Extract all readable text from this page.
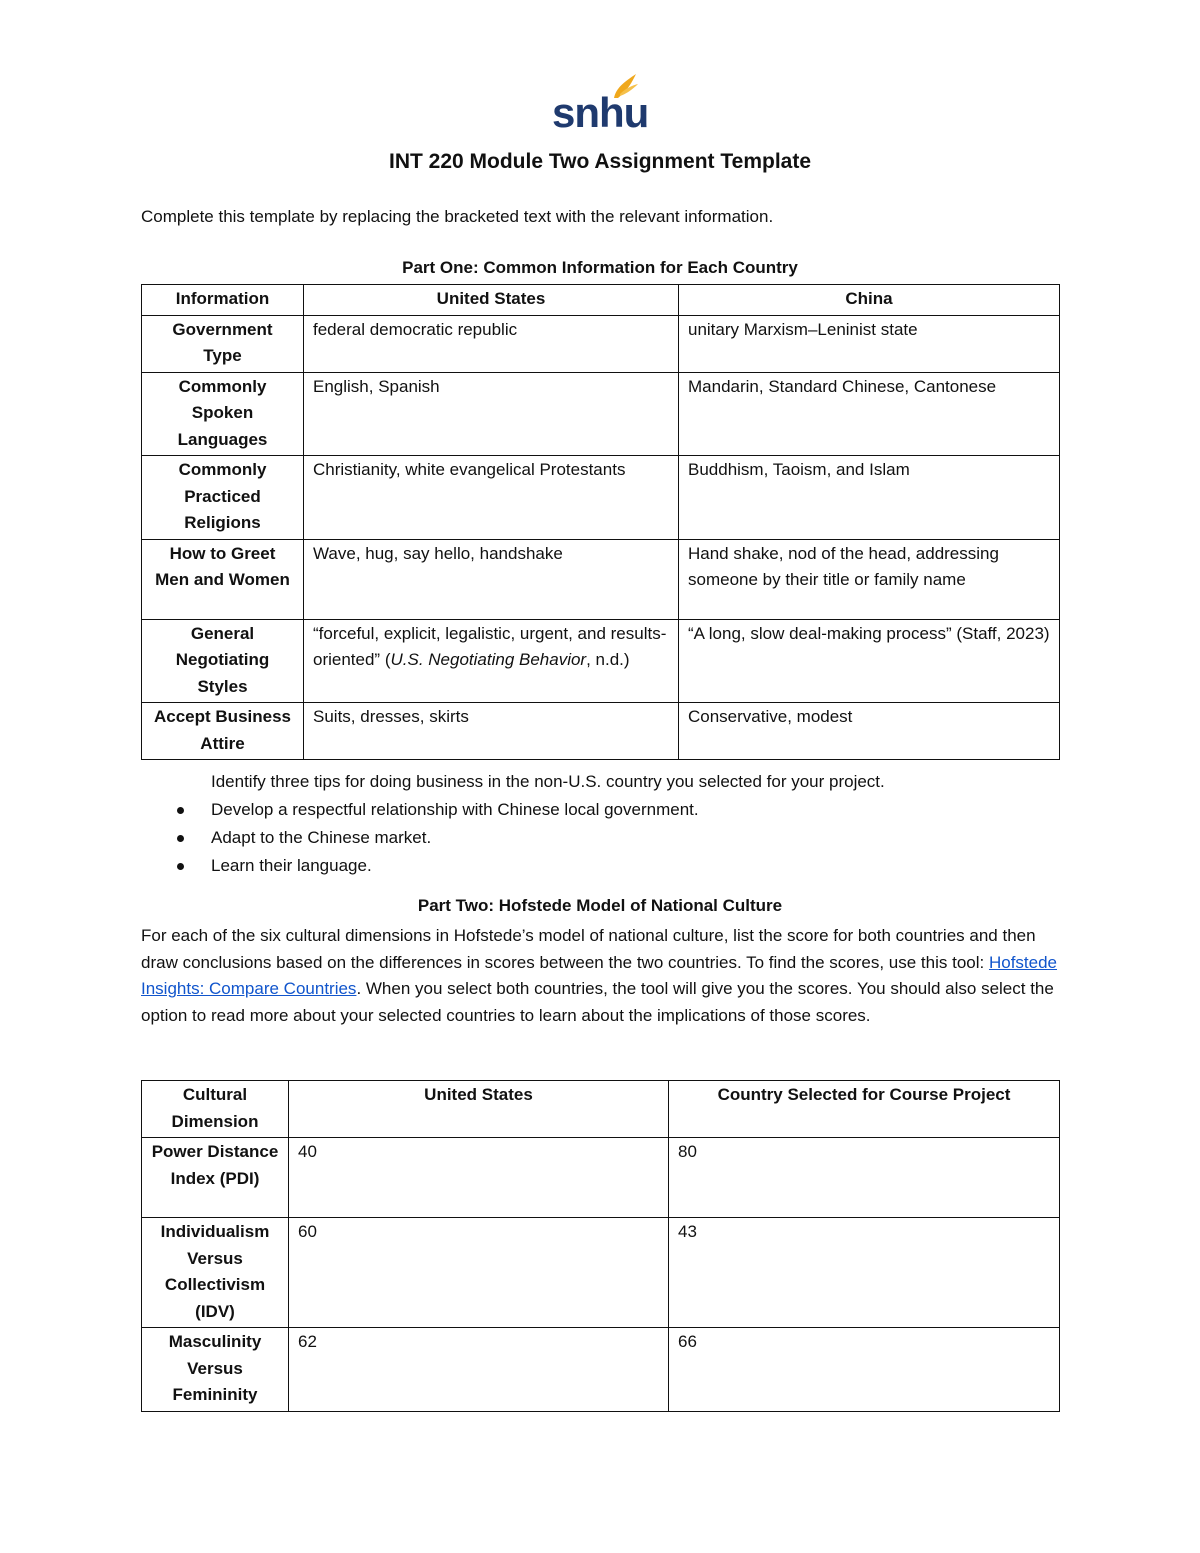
snhu
INT 220 Module Two Assignment Template
Complete this template by replacing the bracketed text with the relevant information.
Part One: Common Information for Each Country
Information	United States	China
Government Type	federal democratic republic	unitary Marxism–Leninist state
Commonly Spoken Languages	English, Spanish	Mandarin, Standard Chinese, Cantonese
Commonly Practiced Religions	Christianity, white evangelical Protestants	Buddhism, Taoism, and Islam
How to Greet Men and Women	Wave, hug, say hello, handshake	Hand shake, nod of the head, addressing someone by their title or family name
General Negotiating Styles	“forceful, explicit, legalistic, urgent, and results-oriented” (U.S. Negotiating Behavior, n.d.)	“A long, slow deal-making process” (Staff, 2023)
Accept Business Attire	Suits, dresses, skirts	Conservative, modest
Identify three tips for doing business in the non-U.S. country you selected for your project.
Develop a respectful relationship with Chinese local government.
Adapt to the Chinese market.
Learn their language.
Part Two: Hofstede Model of National Culture
For each of the six cultural dimensions in Hofstede’s model of national culture, list the score for both countries and then draw conclusions based on the differences in scores between the two countries. To find the scores, use this tool: Hofstede Insights: Compare Countries. When you select both countries, the tool will give you the scores. You should also select the option to read more about your selected countries to learn about the implications of those scores.
Cultural Dimension	United States	Country Selected for Course Project
Power Distance Index (PDI)	40	80
Individualism Versus Collectivism (IDV)	60	43
Masculinity Versus Femininity	62	66
